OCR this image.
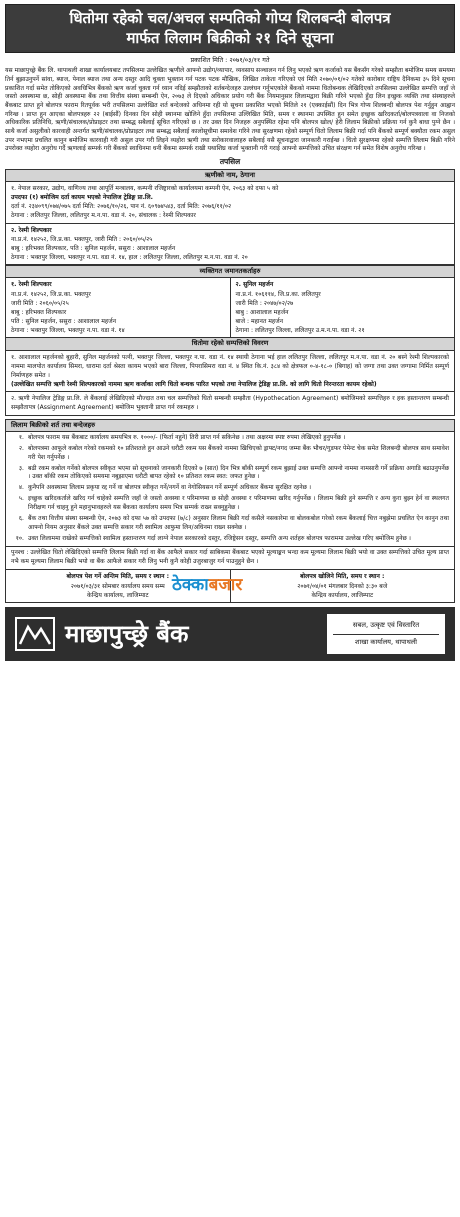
धितोमा रहेको चल/अचल सम्पतिको गोप्य शिलबन्दी बोलपत्र
मार्फत लिलाम बिक्रीको २१ दिने सूचना
प्रकाशित मिति : २०७१/०३/११ गते
यस माछापुच्छ्रे बैंक लि. थापाथली शाखा कार्यालयबाट तपसिलमा उल्लेखित ऋणीले आफ्नो उद्योग/व्यापार, व्यवसाय सञ्चालन गर्न लिनु भएको ऋण कर्जाको यस बैंकसँग गरेको सम्झौता बमोजिम समय समयमा तिर्न बुझाउनुपर्ने सांवा, ब्याज, पेनाल ब्याज तथा अन्य दस्तुर आदि चुक्ता भुक्तान गर्न पटक पटक मौखिक, लिखित ताकेता गरिएको एवं मिति २०७०/०१/०२ गतेको कारोबार राष्ट्रिय दैनिकमा ३५ दिने सूचना प्रकाशित गर्दा समेत तोकिएको अवधिभित्र बैंकको ऋण कर्जा चुक्ता गर्न ध्यान नदिई सम्झौताको शर्तबन्देजहरु उल्लंघन गर्नुभएकोले बैंकको नाममा धितोबन्धक लेखिदिएको तपसिलमा उल्लेखित सम्पत्ति जहाँ जे जस्तो अवस्थामा छ, सोही अवस्थामा बैंक तथा वित्तीय संस्था सम्बन्धी ऐन, २०७३ ले दिएको अधिकार प्रयोग गरी बैंक नियमानुसार लिलामद्वारा बिक्री गरिने भएको हुँदा लिन इच्छुक व्यक्ति तथा संस्थाहरुले बैंकबाट प्राप्त हुने बोलपत्र फाराम रितपूर्वक भरी तपसिलमा उल्लेखित शर्त बन्देजको अधिनमा रही यो सूचना प्रकाशित भएको मितिले २१ (एक्काईसौं) दिन भित्र गोप्य शिलबन्दी बोलपत्र पेश गर्नुहुन आह्वान गरिन्छ । प्राप्त हुन आएका बोलपत्रहरु २२ (बाईसौं) दिनका दिन सोही स्थानमा खोलिने हुँदा तपसिलमा उल्लिखित मिति, समय र स्थानमा उपस्थित हुन समेत इच्छुक खरिदकर्ता/बोलपत्रवाला वा निजको अधिकारिक प्रतिनिधि, ऋणी/संचालक/प्रोप्राइटर तथा सम्बद्ध सबैलाई सूचित गरिएको छ । तर उक्त दिन निजहरु अनुपस्थित रहेमा पनि बोलपत्र खोल/ हेरी लिलाम बिक्रीको प्रक्रिया गर्न कुनै बाधा पुग्ने छैन । साथै कर्जा असुलीको कारवाही अन्तर्गत ऋणी/संचालक/प्रोप्राइटर तथा सम्बद्ध सबैलाई कालोसूचीमा समावेश गरिने तथा सुरक्षणमा रहेको सम्पूर्ण धितो लिलाम बिक्री गर्दा पनि बैंकको सम्पूर्ण बक्यौता रकम असुल उपर नभएमा प्रचलित कानुन बमोजिम कारवाही गरी असुल उपर गरी लिइने व्यहोरा ऋणी तथा सरोकारवालाहरु सबैलाई यसै सूचनाद्वारा जानकारी गराईन्छ । धितो सुरक्षणमा रहेको सम्पत्ति लिलाम बिक्री गरिने उपरोक्त व्यहोरा अनुरोध गर्दै ऋणलाई सम्पर्क गरी बैंकको स्वाधिनमा धनी बैंकमा सम्पर्क राखी यथाशिघ्र कर्जा भुक्तानी गरी गराई आफ्नो सम्पत्तिको उचित संरक्षण गर्न समेत विशेष अनुरोध गरिन्छ ।
तपसिल
ऋणीको नाम, ठेगाना
१. नेपाल सरकार, उद्योग, वाणिज्य तथा आपूर्ति मन्त्रालय, कम्पनी रजिष्ट्रारको कार्यालयमा कम्पनी ऐन, २०६३ को दफा ५ को
उपदफा (१) बमोजिम दर्ता कायम भएको नेपालिज ट्रेडिङ्ग प्रा.लि.
दर्ता नं. २३४०९९/०७४/०७५ दर्ता मिति: २०७६/१०/२६, पान नं. ६०९७४५४३, दर्ता मिति: २०७६/११/०२
ठेगाना : ललितपुर जिल्ला, ललितपुर म.न.पा. वडा नं. २०, संचालक : रेश्मी शिल्पकार
२. रेश्मी शिल्पकार
ना.प्र.नं. १४२५२, जि.प्र.का. भक्तपुर, जारी मिति : २०६०/०५/२५
बाबु : हरिभक्त शिल्पकार, पति : सुनिल महर्जन, ससुरा : आशालाल महर्जन
ठेगाना : भक्तपुर जिल्ला, भक्तपुर न.पा. वडा नं. १४, हाल : ललितपुर जिल्ला, ललितपुर म.न.पा. वडा नं. २०
व्यक्तिगत जमानतकर्ताहरु
१. रेश्मी शिल्पकार
ना.प्र.नं. १४२५२, जि.प्र.का. भक्तपुर
जारी मिति : २०६०/०५/२५
बाबु : हरिभक्त शिल्पकार
पति : सुनिल महर्जन, ससुरा : आशालाल महर्जन
ठेगाना : भक्तपुर जिल्ला, भक्तपुर न.पा. वडा नं. १४
२. सुनिल महर्जन
ना.प्र.नं. १०६११४, जि.प्र.का. ललितपुर
जारी मिति : २०४७/०२/२७
बाबु : आशालाल महर्जन
बाजे : महानत महर्जन
ठेगाना : ललितपुर जिल्ला, ललितपुर उ.म.न.पा. वडा नं. २१
धितोमा रहेको सम्पत्तिको विवरण
१. आशालाल महर्जनको बुहारी, सुनिल महर्जनको पत्नी, भक्तपुर जिल्ला, भक्तपुर न.पा. वडा नं. १४ स्थायी ठेगाना भई हाल ललितपुर जिल्ला, ललितपुर म.न.पा. वडा नं. २० बस्ने रेश्मी शिल्पकारको नाममा मालपोत कार्यालय सिमरा, धारामा दर्ता श्रेस्ता कायम भएको बारा जिल्ला, पिपरासिमरा वडा नं. ४ स्थित कि.नं. ३८४ को क्षेत्रफल ०-४-१८-० (बिगाह) को जग्गा तथा उक्त जग्गामा निर्मित सम्पूर्ण निर्माणहरु समेत ।
(उल्लेखित सम्पत्ति ऋणी रेश्मी शिल्पकारको नाममा ऋण कर्जाका लागि धितो बन्धक पारित भएको तथा नेपालिज ट्रेडिङ्ग प्रा.लि. को लागि धितो निरन्तरता कायम रहेको)
२. ऋणी नेपालिज ट्रेडिङ्ग प्रा.लि. ले बैंकलाई लेखिदिएको मौज्दात तथा चल सम्पत्तिको धितो सम्बन्धी सम्झौता (Hypothecation Agreement) बमोजिमको सम्पत्तिहरु र हक हस्तान्तरण सम्बन्धी सम्झौतापत्र (Assignment Agreement) बमोजिम भुक्तानी प्राप्त गर्न रकमहरु ।
लिलाम बिक्रीको शर्त तथा बन्देजहरु
१. बोलपत्र फाराम यस बैंकबाट कार्यालय समयभित्र रु. १०००/- (फिर्ता नहुने) तिरी प्राप्त गर्न सकिनेछ । तथा अक्षरमा स्पष्ट रुपमा लेखिएको हुनुपर्नेछ ।
२. बोलपत्रमा आफूले कबोल गरेको रकमको १० प्रतिशतले हुन आउने धरौटी रकम यस बैंकको नाममा खिचिएको ड्राफ्ट/नगद जम्मा बैंक भौचर/गुडफर पेमेन्ट चेक समेत शिलबन्दी बोलपत्र साथ समावेश गरी पेश गर्नुपर्नेछ ।
३. बढी रकम कबोल गर्नेको बोलपत्र स्वीकृत भएमा सो सूचनाको जानकारी दिएको ७ (सात) दिन भित्र बाँकी सम्पूर्ण रकम बुझाई उक्त सम्पत्ति आफ्नो नाममा नामसारी गर्ने प्रक्रिया अगाडि बढाउनुपर्नेछ । उक्त बाँकी रकम तोकिएको समयमा नबुझाएमा धरौटी बापत रहेको १० प्रतिशत रकम स्वत: जफत हुनेछ ।
४. कुनैपनि अवस्थामा लिलाम प्रकृया रद्द गर्ने वा बोलपत्र स्वीकृत गर्ने/नगर्ने वा नेगोसियसन गर्ने सम्पूर्ण अधिकार बैंकमा सुरक्षित रहनेछ ।
५. इच्छुक खरिदकर्ताले खरिद गर्न चाहेको सम्पत्ति जहाँ जे जस्तो अवस्था र परिमाणमा छ सोही अवस्था र परिमाणमा खरिद गर्नुपर्नेछ । लिलाम बिक्री हुने सम्पत्ति र अन्य कुरा बुझ्न हेर्न वा स्थलगत निरीक्षण गर्न चाहनु हुने महानुभावहरुले यस बैंकका कार्यालय समय भित्र सम्पर्क राख्न सक्नुहुनेछ ।
६. बैंक तथा वित्तीय संस्था सम्बन्धी ऐन, २०७३ को दफा ५७ को उपदफा (७/८) अनुसार लिलाम बिक्री गर्दा कसैले नसकारेमा वा बोलकबोल गरेको रकम बैंकलाई चित्त नबुझेमा प्रचलित ऐन कानुन तथा आफ्नो नियम अनुसार बैंकले उक्त सम्पत्ति सकार गरी स्वामित्व आफुमा लिन/अधिनमा राख्न सक्नेछ ।
१०. उक्त लिलाममा राखेको सम्पत्तिको स्वामित्व हस्तान्तरण गर्दा लाग्ने नेपाल सरकारको दस्तुर, रजिष्ट्रेसन दस्तुर, सम्पत्ति अन्य शर्तहरु बोलपत्र फाराममा उल्लेख गरिए बमोजिम हुनेछ ।
पुनश्च : उल्लेखित धितो लेखिदिएको सम्पत्ति लिलाम बिक्री गर्दा वा बैंक आफैले सकार गर्दा साबिकमा बैंकबाट भएको मूल्याङ्कन भन्दा कम मूल्यमा लिलाम बिक्री भयो वा उक्त सम्पत्तिको उचित मूल्य प्राप्त नभै कम मूल्यमा लिलाम बिक्री भयो वा बैंक आफैले सकार गरी लिनु भनी कुनै कोही उजुरबाजुर गर्न पाउनुहुने छैन ।
बोलपत्र पेश गर्ने अन्तिम मिति, समय र स्थान :
२०७१/०३/३१ सोमबार कार्यालय समय सम्म
केन्द्रिय कार्यालय, लाजिम्पाट
बोलपत्र खोलिने मिति, समय र स्थान :
२०७१/०४/०१ मंगलबार दिनको ३:३० बजे
केन्द्रिय कार्यालय, लाजिम्पाट
माछापुच्छ्रे बैंक	सबल, उत्कृष्ट एवं विस्तारित
शाखा कार्यालय, थापाथली
ठेक्काबजार
